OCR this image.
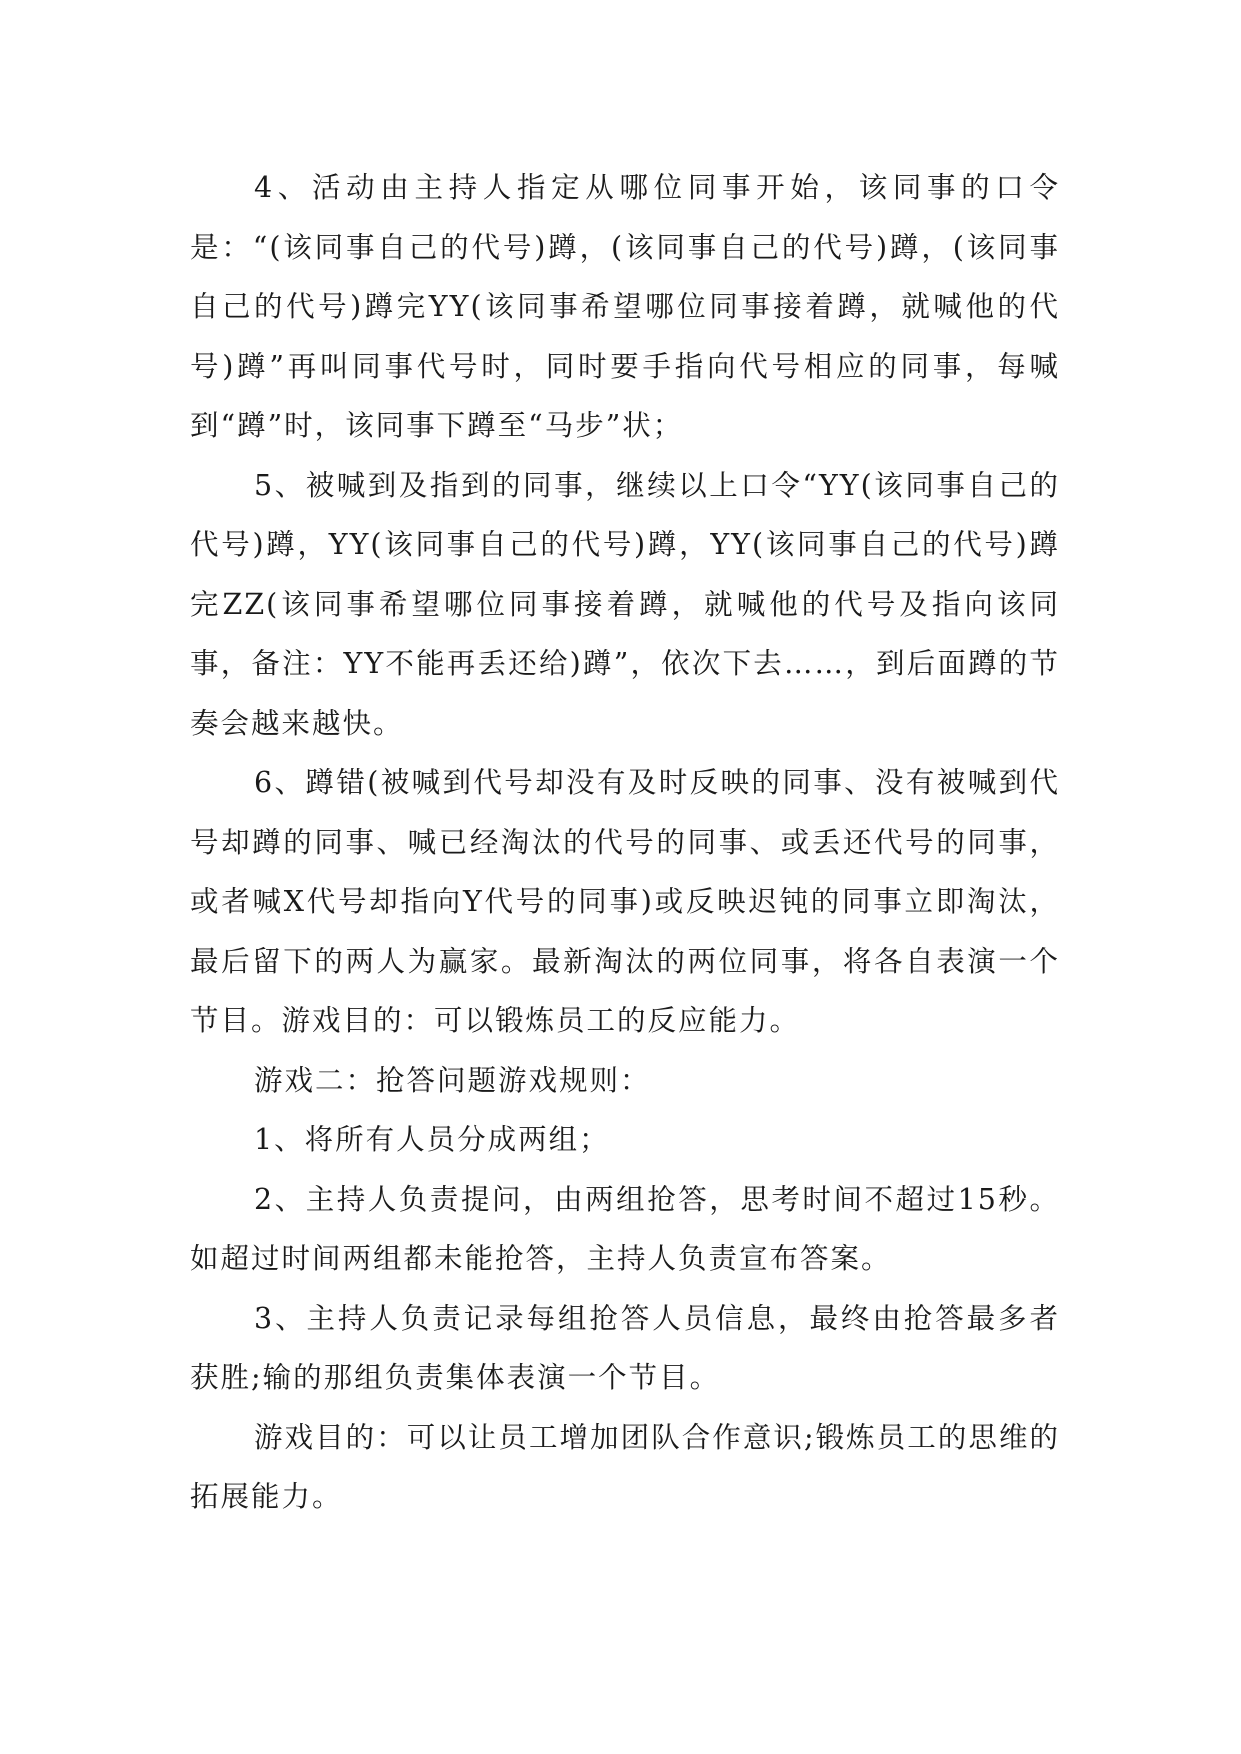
4、活动由主持人指定从哪位同事开始，该同事的口令是：“(该同事自己的代号)蹲，(该同事自己的代号)蹲，(该同事自己的代号)蹲完YY(该同事希望哪位同事接着蹲，就喊他的代号)蹲”再叫同事代号时，同时要手指向代号相应的同事，每喊到“蹲”时，该同事下蹲至“马步”状；

5、被喊到及指到的同事，继续以上口令“YY(该同事自己的代号)蹲，YY(该同事自己的代号)蹲，YY(该同事自己的代号)蹲完ZZ(该同事希望哪位同事接着蹲，就喊他的代号及指向该同事，备注：YY不能再丢还给)蹲”，依次下去……，到后面蹲的节奏会越来越快。

6、蹲错(被喊到代号却没有及时反映的同事、没有被喊到代号却蹲的同事、喊已经淘汰的代号的同事、或丢还代号的同事，或者喊X代号却指向Y代号的同事)或反映迟钝的同事立即淘汰，最后留下的两人为赢家。最新淘汰的两位同事，将各自表演一个节目。游戏目的：可以锻炼员工的反应能力。

游戏二：抢答问题游戏规则：

1、将所有人员分成两组；

2、主持人负责提问，由两组抢答，思考时间不超过15秒。如超过时间两组都未能抢答，主持人负责宣布答案。

3、主持人负责记录每组抢答人员信息，最终由抢答最多者获胜;输的那组负责集体表演一个节目。

游戏目的：可以让员工增加团队合作意识;锻炼员工的思维的拓展能力。
